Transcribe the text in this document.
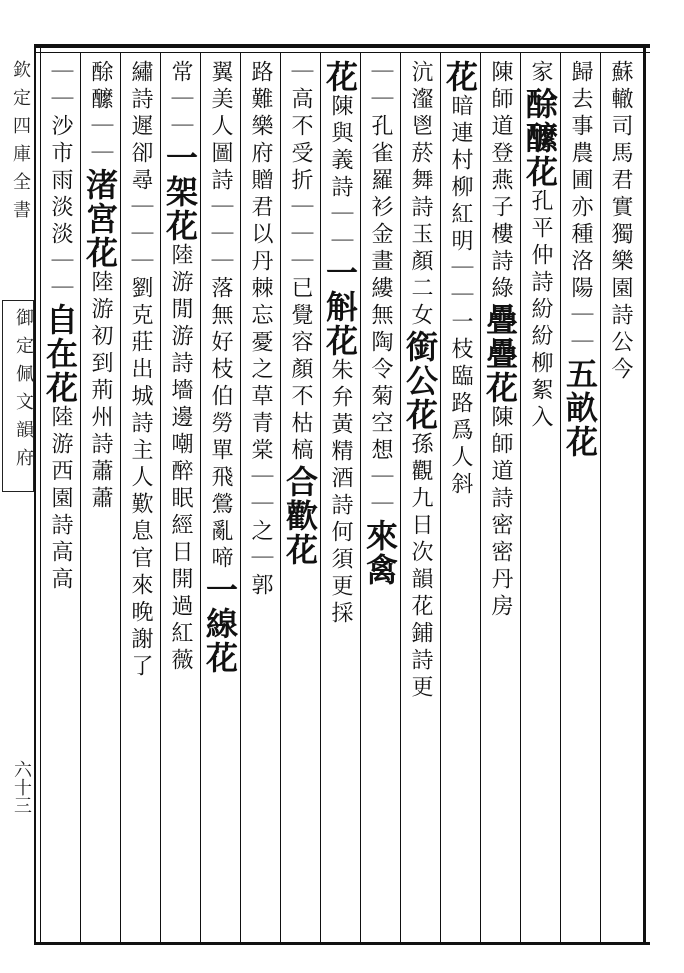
欽定四庫全書
御定佩文韻府
六十三
蘇轍司馬君實獨樂園詩公今
歸去事農圃亦種洛陽｜｜五畝花
家酴醿花孔平仲詩紛紛柳絮入
陳師道登燕子樓詩綠疊疊花陳師道詩密密丹房
花暗連村柳紅明｜｜一枝臨路爲人斜
沆瀣鬯菸舞詩玉顏二女銜公花孫觀九日次韻花鋪詩更
｜｜孔雀羅衫金畫縷無陶令菊空想｜｜來禽
花陳與義詩｜｜一斛花朱弁黃精酒詩何須更採
｜高不受折｜｜｜已覺容顏不枯槁合歡花
路難樂府贈君以丹棘忘憂之草青棠｜｜之｜郭
翼美人圖詩｜｜｜落無好枝伯勞單飛鶯亂啼一線花
常｜｜一架花陸游閒游詩墻邊嘲醉眠經日開過紅薇
繡詩遲卻尋｜｜｜劉克莊出城詩主人歎息官來晚謝了
酴醿｜｜渚宮花陸游初到荊州詩蕭蕭
｜｜沙市雨淡淡｜｜自在花陸游西園詩高高
